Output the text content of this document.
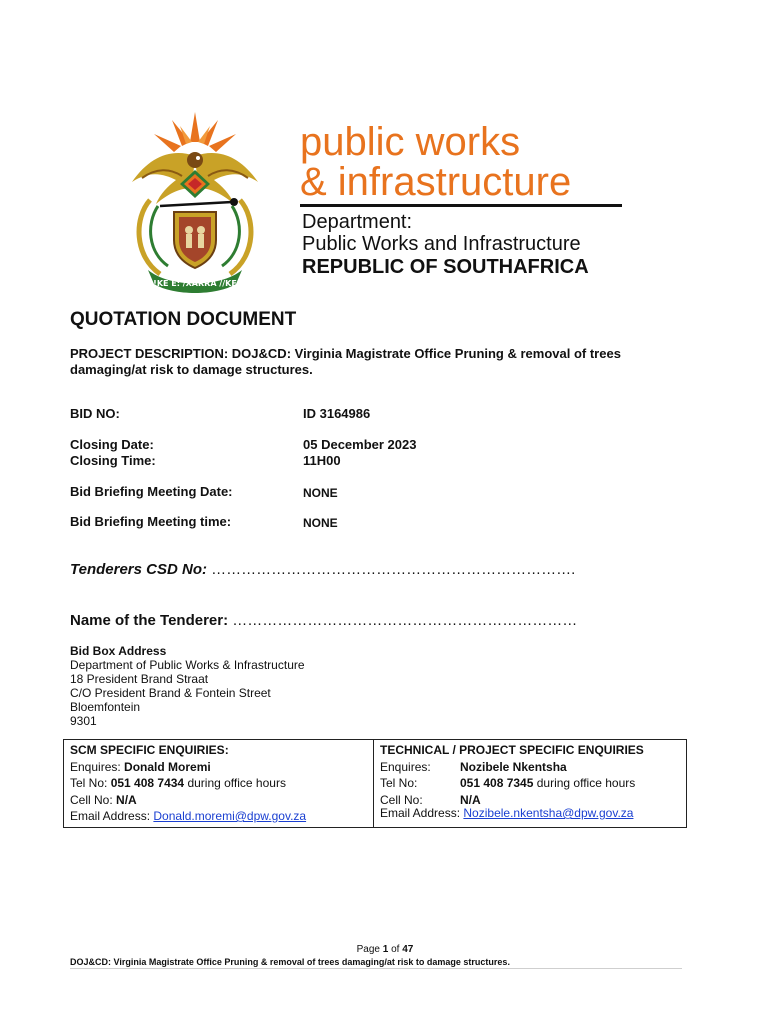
!KE E: /XARRA //KE
public works
& infrastructure
Department:
Public Works and Infrastructure
REPUBLIC OF SOUTHAFRICA
QUOTATION DOCUMENT
PROJECT DESCRIPTION: DOJ&CD: Virginia Magistrate Office Pruning & removal of trees damaging/at risk to damage structures.
BID NO:	ID 3164986
Closing Date:	05 December 2023
Closing Time:	11H00
Bid Briefing Meeting Date:	NONE
Bid Briefing Meeting time:	NONE
Tenderers CSD No: ……………………………………………………………….
Name of the Tenderer: ……………………………………………………………
Bid Box Address
Department of Public Works & Infrastructure
18 President Brand Straat
C/O President Brand & Fontein Street
Bloemfontein
9301
SCM SPECIFIC ENQUIRIES:
Enquires: Donald Moremi
Tel No: 051 408 7434 during office hours
Cell No: N/A
Email Address: Donald.moremi@dpw.gov.za
TECHNICAL / PROJECT SPECIFIC ENQUIRIES
Enquires: Nozibele Nkentsha
Tel No:	051 408 7345 during office hours
Cell No:	N/A
Email Address: Nozibele.nkentsha@dpw.gov.za
Page 1 of 47
DOJ&CD: Virginia Magistrate Office Pruning & removal of trees damaging/at risk to damage structures.
